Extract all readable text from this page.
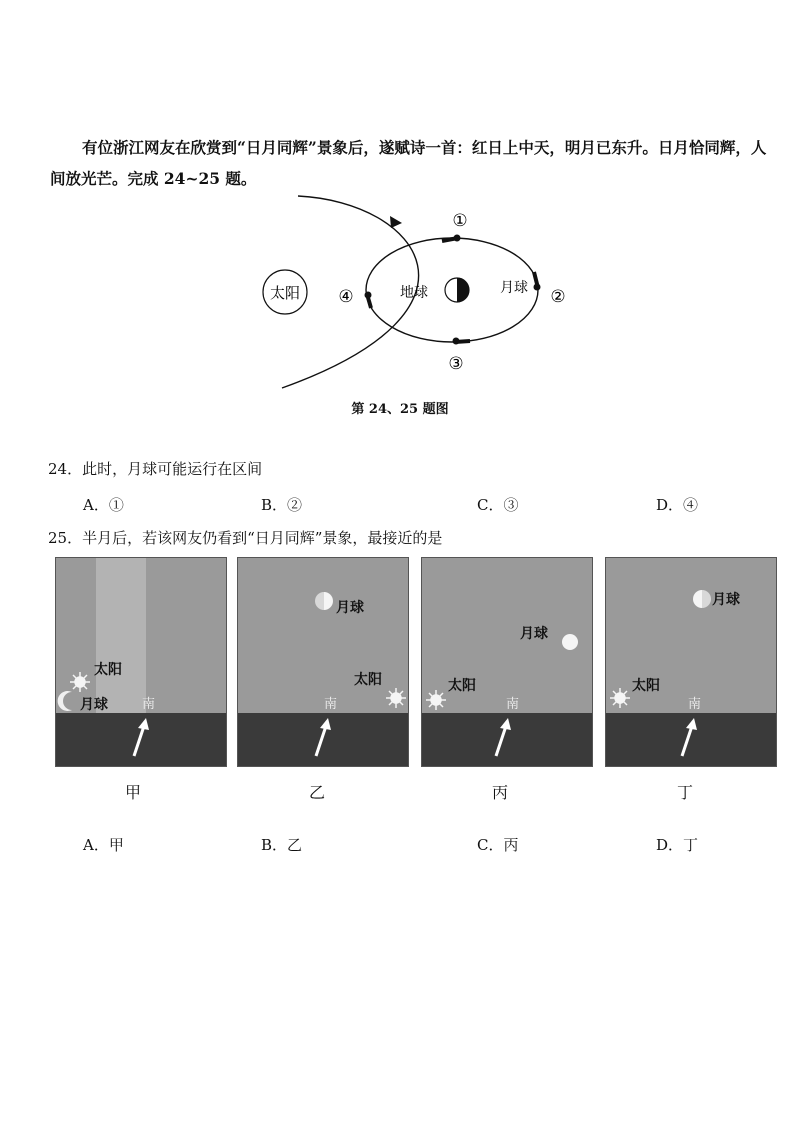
有位浙江网友在欣赏到“日月同辉”景象后，遂赋诗一首：红日上中天，明月已东升。日月恰同辉，人间放光芒。完成 24~25 题。
太阳	地球	月球
①
②
③
④
第 24、25 题图
24．此时，月球可能运行在区间
A．①	B．②	C．③	D．④
25．半月后，若该网友仍看到“日月同辉”景象，最接近的是
太阳
月球	南
月球
太阳
南
月球
太阳
南
月球
太阳
南
甲	乙	丙	丁
A．甲	B．乙	C．丙	D．丁
